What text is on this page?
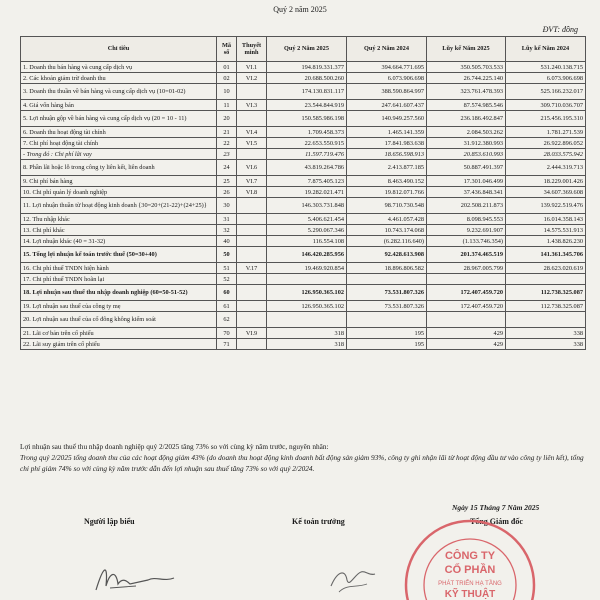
Quý 2 năm 2025
ĐVT: đồng
Chỉ tiêu	Mã số	Thuyết minh	Quý 2 Năm 2025	Quý 2 Năm 2024	Lũy kế Năm 2025	Lũy kế Năm 2024
1. Doanh thu bán hàng và cung cấp dịch vụ	01	VI.1	194.819.331.377	394.664.771.695	350.505.703.533	531.240.138.715
2. Các khoản giảm trừ doanh thu	02	VI.2	20.688.500.260	6.073.906.698	26.744.225.140	6.073.906.698
3. Doanh thu thuần về bán hàng và cung cấp dịch vụ (10=01-02)	10		174.130.831.117	388.590.864.997	323.761.478.393	525.166.232.017
4. Giá vốn hàng bán	11	VI.3	23.544.844.919	247.641.607.437	87.574.985.546	309.710.036.707
5. Lợi nhuận gộp về bán hàng và cung cấp dịch vụ (20 = 10 - 11)	20		150.585.986.198	140.949.257.560	236.186.492.847	215.456.195.310
6. Doanh thu hoạt động tài chính	21	VI.4	1.709.458.373	1.465.141.359	2.084.503.262	1.781.271.539
7. Chi phí hoạt động tài chính	22	VI.5	22.653.550.915	17.841.983.638	31.912.380.993	26.922.896.052
- Trong đó : Chi phí lãi vay	23		11.597.719.476	18.656.598.913	20.853.610.993	28.033.575.942
8. Phần lãi hoặc lỗ trong công ty liên kết, liên doanh	24	VI.6	43.819.264.786	2.413.877.185	50.887.491.397	2.444.319.713
9. Chi phí bán hàng	25	VI.7	7.875.405.123	8.463.490.152	17.301.046.499	18.229.001.426
10. Chi phí quản lý doanh nghiệp	26	VI.8	19.282.021.471	19.812.071.766	37.436.848.341	34.607.369.608
11. Lợi nhuận thuần từ hoạt động kinh doanh {30=20+(21-22)+(24+25)}	30		146.303.731.848	98.710.730.548	202.508.211.873	139.922.519.476
12. Thu nhập khác	31		5.406.621.454	4.461.057.428	8.098.945.553	16.014.358.143
13. Chi phí khác	32		5.290.067.346	10.743.174.068	9.232.691.907	14.575.531.913
14. Lợi nhuận khác (40 = 31-32)	40		116.554.108	(6.282.116.640)	(1.133.746.354)	1.438.826.230
15. Tổng lợi nhuận kế toán trước thuế (50=30+40)	50		146.420.285.956	92.428.613.908	201.374.465.519	141.361.345.706
16. Chi phí thuế TNDN hiện hành	51	V.17	19.469.920.854	18.896.806.582	28.967.005.799	28.623.020.619
17. Chi phí thuế TNDN hoãn lại	52					
18. Lợi nhuận sau thuế thu nhập doanh nghiệp (60=50-51-52)	60		126.950.365.102	73.531.807.326	172.407.459.720	112.738.325.087
19. Lợi nhuận sau thuế của công ty mẹ	61		126.950.365.102	73.531.807.326	172.407.459.720	112.738.325.087
20. Lợi nhuận sau thuế của cổ đông không kiểm soát	62					
21. Lãi cơ bản trên cổ phiếu	70	VI.9	318	195	429	338
22. Lãi suy giảm trên cổ phiếu	71		318	195	429	338

Lợi nhuận sau thuế thu nhập doanh nghiệp quý 2/2025 tăng 73% so với cùng kỳ năm trước, nguyên nhân:

Trong quý 2/2025 tổng doanh thu của các hoạt động giảm 43% (do doanh thu hoạt động kinh doanh bất động sản giảm 93%, công ty ghi nhận lãi từ hoạt động đầu tư vào công ty liên kết), tổng chi phí giảm 74% so với cùng kỳ năm trước dẫn đến lợi nhuận sau thuế tăng 73% so với quý 2/2024.

Người lập biểu	Kế toán trưởng
Ngày 15 Tháng 7 Năm 2025
Tổng Giám đốc
CÔNG TY
CỔ PHẦN
PHÁT TRIỂN HẠ TẦNG
KỸ THUẬT
